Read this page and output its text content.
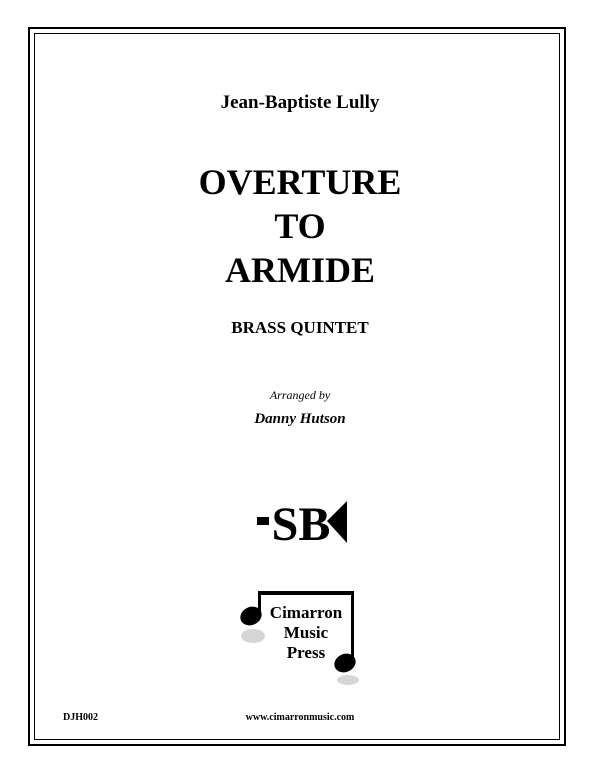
Jean-Baptiste Lully
OVERTURE
TO
ARMIDE
BRASS QUINTET
Arranged by
Danny Hutson
SB
Cimarron
Music
Press
DJH002	www.cimarronmusic.com
